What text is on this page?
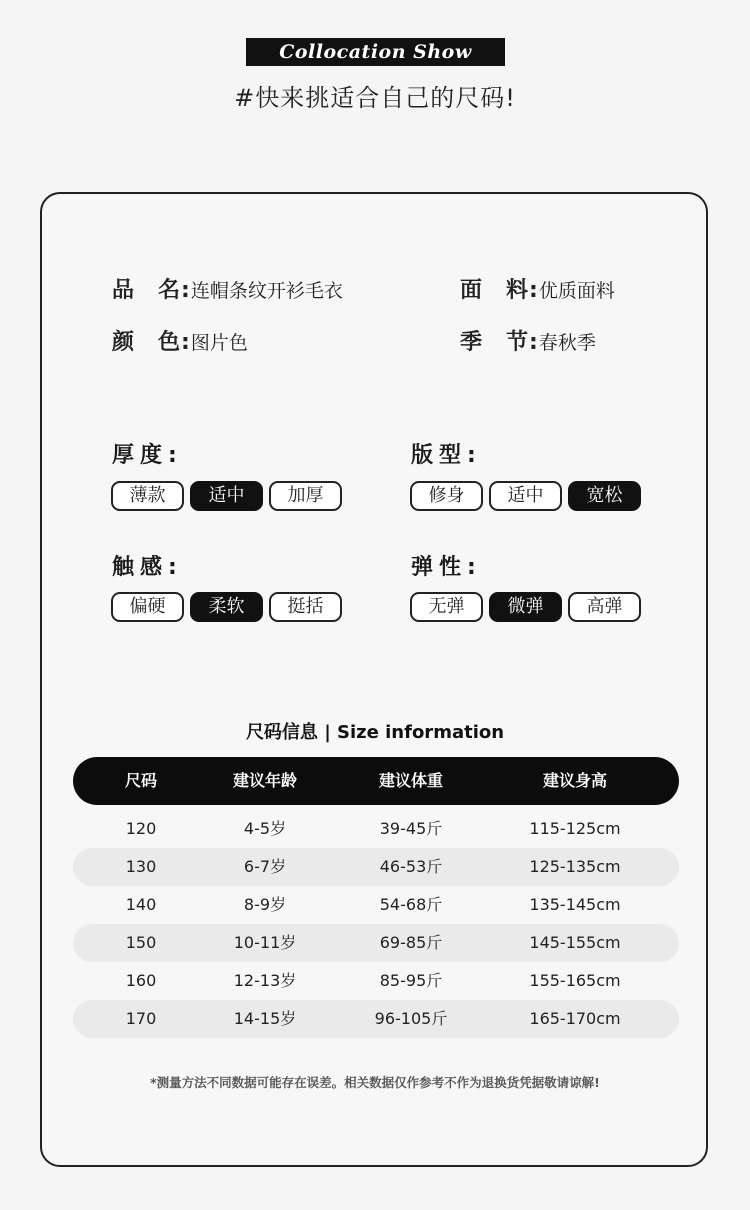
Collocation Show
#快来挑适合自己的尺码!
品　名:连帽条纹开衫毛衣	面　料:优质面料
颜　色:图片色	季　节:春秋季
厚度:
薄款	适中	加厚
版型:
修身	适中	宽松
触感:
偏硬	柔软	挺括
弹性:
无弹	微弹	高弹
尺码信息 | Size information
尺码	建议年龄	建议体重	建议身高
120	4-5岁	39-45斤	115-125cm
130	6-7岁	46-53斤	125-135cm
140	8-9岁	54-68斤	135-145cm
150	10-11岁	69-85斤	145-155cm
160	12-13岁	85-95斤	155-165cm
170	14-15岁	96-105斤	165-170cm
*测量方法不同数据可能存在误差。相关数据仅作参考不作为退换货凭据敬请谅解!
